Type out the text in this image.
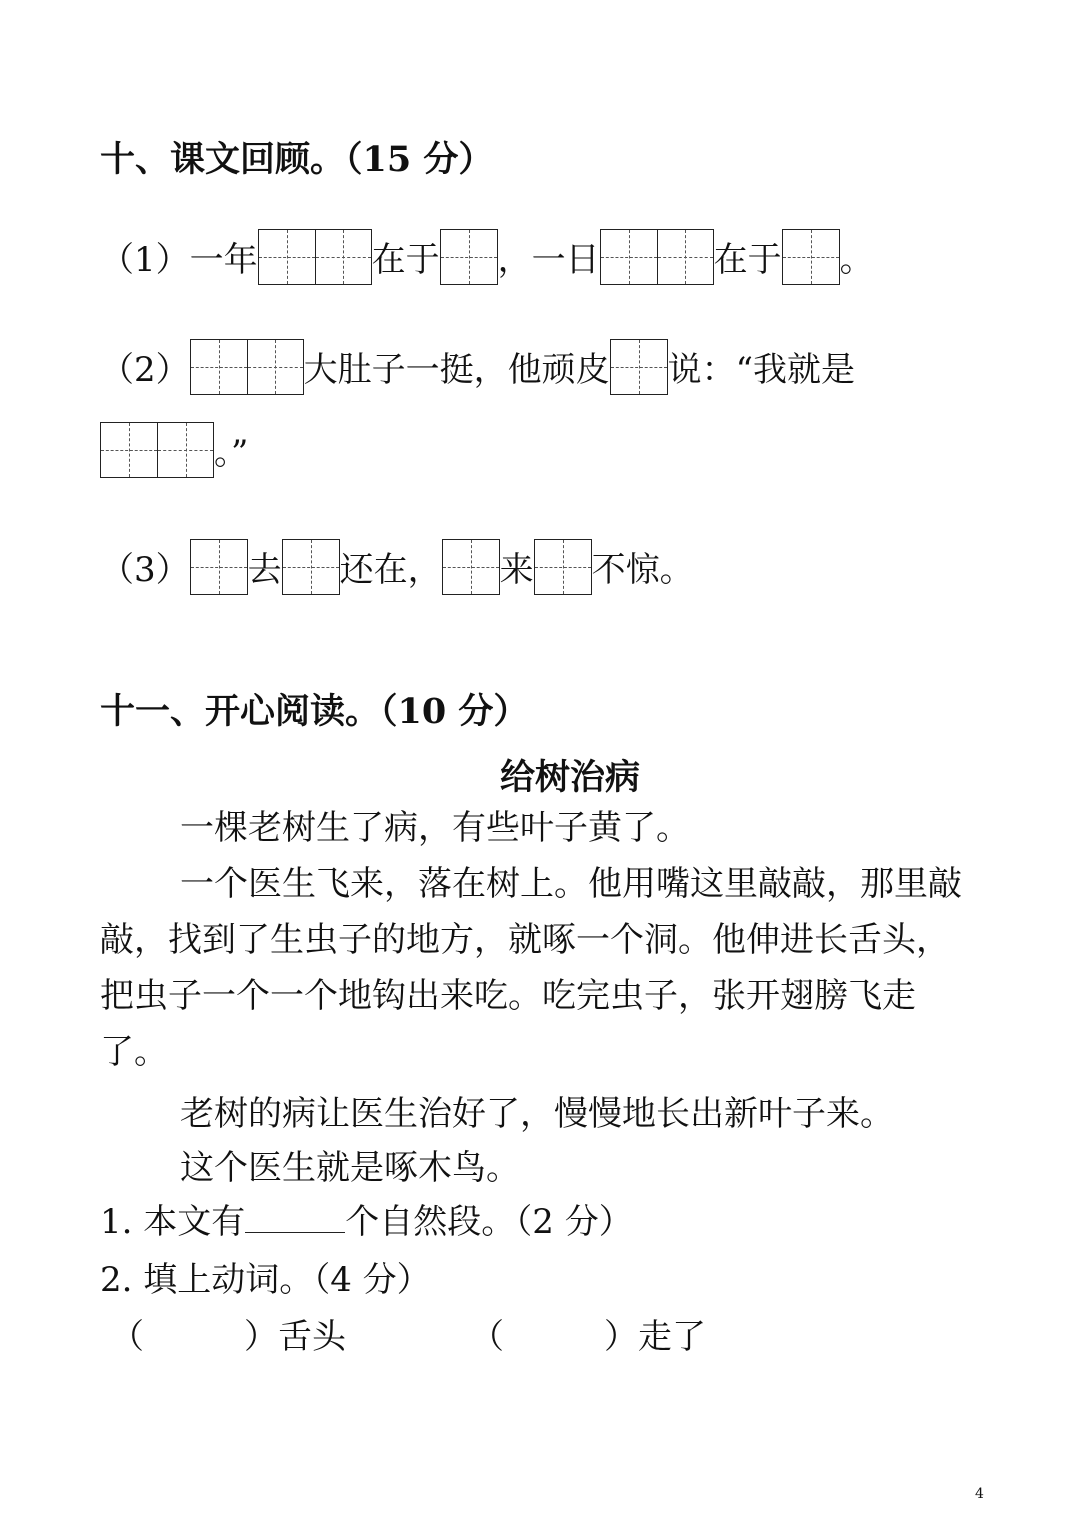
十、课文回顾。（15 分）
（1） 一年	在于 ，一日	在于 。
（2）	大肚子一挺，他顽皮 说：“我就是
。”
（3） 去 还在， 来 不惊。
十一、开心阅读。（10 分）
给树治病
一棵老树生了病，有些叶子黄了。
一个医生飞来，落在树上。他用嘴这里敲敲，那里敲敲，找到了生虫子的地方，就啄一个洞。他伸进长舌头，把虫子一个一个地钩出来吃。吃完虫子，张开翅膀飞走了。
老树的病让医生治好了，慢慢地长出新叶子来。
这个医生就是啄木鸟。
1. 本文有	个自然段。（2 分）
2. 填上动词。（4 分）
（	）舌头	（	）走了
4
